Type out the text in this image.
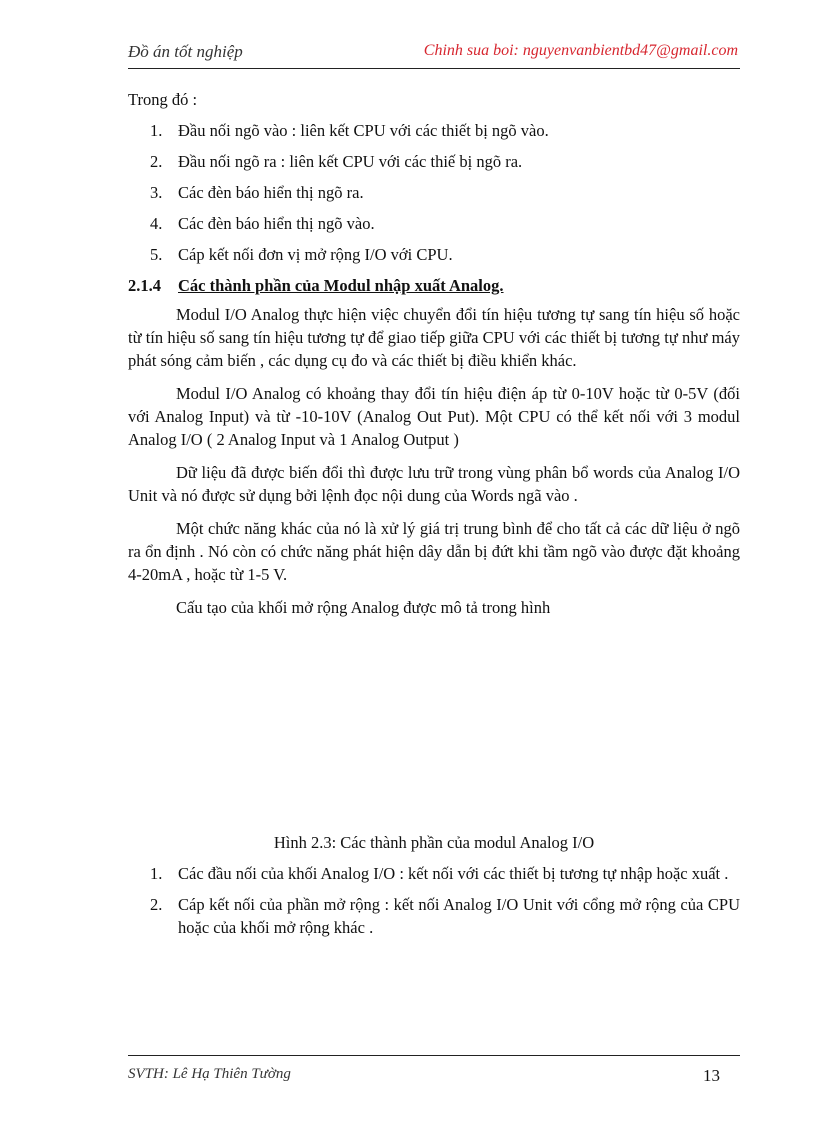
Đồ án tốt nghiệp	Chinh sua boi: nguyenvanbientbd47@gmail.com

Trong đó :

1. Đầu nối ngõ vào : liên kết CPU với các thiết bị ngõ vào.
2. Đầu nối ngõ ra : liên kết CPU với các thiế bị ngõ ra.
3. Các đèn báo hiển thị ngõ ra.
4. Các đèn báo hiển thị ngõ vào.
5. Cáp kết nối đơn vị mở rộng I/O với CPU.
2.1.4 Các thành phần của Modul nhập xuất Analog.

Modul I/O Analog thực hiện việc chuyển đổi tín hiệu tương tự sang tín hiệu số hoặc từ tín hiệu số sang tín hiệu tương tự để giao tiếp giữa CPU với các thiết bị tương tự như máy phát sóng cảm biến , các dụng cụ đo và các thiết bị điều khiển khác.

Modul I/O Analog có khoảng thay đổi tín hiệu điện áp từ 0-10V hoặc từ 0-5V (đối với Analog Input) và từ -10-10V (Analog Out Put). Một CPU có thể kết nối với 3 modul Analog I/O ( 2 Analog Input và 1 Analog Output )

Dữ liệu đã được biến đổi thì được lưu trữ trong vùng phân bổ words của Analog I/O Unit và nó được sử dụng bởi lệnh đọc nội dung của Words ngã vào .

Một chức năng khác của nó là xử lý giá trị trung bình để cho tất cả các dữ liệu ở ngõ ra ổn định . Nó còn có chức năng phát hiện dây dẫn bị đứt khi tầm ngõ vào được đặt khoảng 4-20mA , hoặc từ 1-5 V.

Cấu tạo của khối mở rộng Analog được mô tả trong hình

Hình 2.3: Các thành phần của modul Analog I/O

1. Các đầu nối của khối Analog I/O : kết nối với các thiết bị tương tự nhập hoặc xuất .
2. Cáp kết nối của phần mở rộng : kết nối Analog I/O Unit với cổng mở rộng của CPU hoặc của khối mở rộng khác .
SVTH: Lê Hạ Thiên Tường	13
